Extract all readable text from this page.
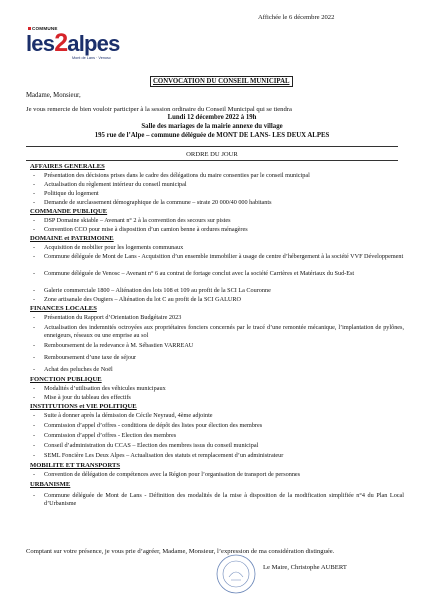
Affichée le 6 décembre 2022
COMMUNE
les2alpes
Mont de Lans · Venosc
CONVOCATION DU CONSEIL MUNICIPAL
Madame, Monsieur,
Je vous remercie de bien vouloir participer à la session ordinaire du Conseil Municipal qui se tiendra
Lundi 12 décembre 2022 à 19h
Salle des mariages de la mairie annexe du village
195 rue de l’Alpe – commune déléguée de MONT DE LANS- LES DEUX ALPES
ORDRE DU JOUR
AFFAIRES GENERALES
- Présentation des décisions prises dans le cadre des délégations du maire consenties par le conseil municipal
- Actualisation du règlement intérieur du conseil municipal
- Politique du logement
- Demande de surclassement démographique de la commune – strate 20 000/40 000 habitants
COMMANDE PUBLIQUE
- DSP Domaine skiable – Avenant n° 2 à la convention des secours sur pistes
- Convention CCO pour mise à disposition d’un camion benne à ordures ménagères
DOMAINE et PATRIMOINE
- Acquisition de mobilier pour les logements communaux
- Commune déléguée de Mont de Lans - Acquisition d’un ensemble immobilier à usage de centre d’hébergement à la société VVF Développement
- Commune déléguée de Venosc – Avenant n° 6 au contrat de fortage conclut avec la société Carrières et Matériaux du Sud-Est
- Galerie commerciale 1800 – Aliénation des lots 108 et 109 au profit de la SCI La Couronne
- Zone artisanale des Ougiers – Aliénation du lot C au profit de la SCI GALURO
FINANCES LOCALES
- Présentation du Rapport d’Orientation Budgétaire 2023
- Actualisation des indemnités octroyées aux propriétaires fonciers concernés par le tracé d’une remontée mécanique, l’implantation de pylônes, enneigeurs, réseaux ou une emprise au sol
- Remboursement de la redevance à M. Sébastien VARREAU
- Remboursement d’une taxe de séjour
- Achat des peluches de Noël
FONCTION PUBLIQUE
- Modalités d’utilisation des véhicules municipaux
- Mise à jour du tableau des effectifs
INSTITUTIONS et VIE POLITIQUE
- Suite à donner après la démission de Cécile Neyraud, 4ème adjointe
- Commission d’appel d’offres - conditions de dépôt des listes pour élection des membres
- Commission d’appel d’offres - Election des membres
- Conseil d’administration du CCAS – Election des membres issus du conseil municipal
- SEML Foncière Les Deux Alpes – Actualisation des statuts et remplacement d’un administrateur
MOBILITE ET TRANSPORTS
- Convention de délégation de compétences avec la Région pour l’organisation de transport de personnes
URBANISME
- Commune déléguée de Mont de Lans - Définition des modalités de la mise à disposition de la modification simplifiée n°4 du Plan Local d’Urbanisme
Comptant sur votre présence, je vous prie d’agréer, Madame, Monsieur, l’expression de ma considération distinguée.
Le Maire, Christophe AUBERT
